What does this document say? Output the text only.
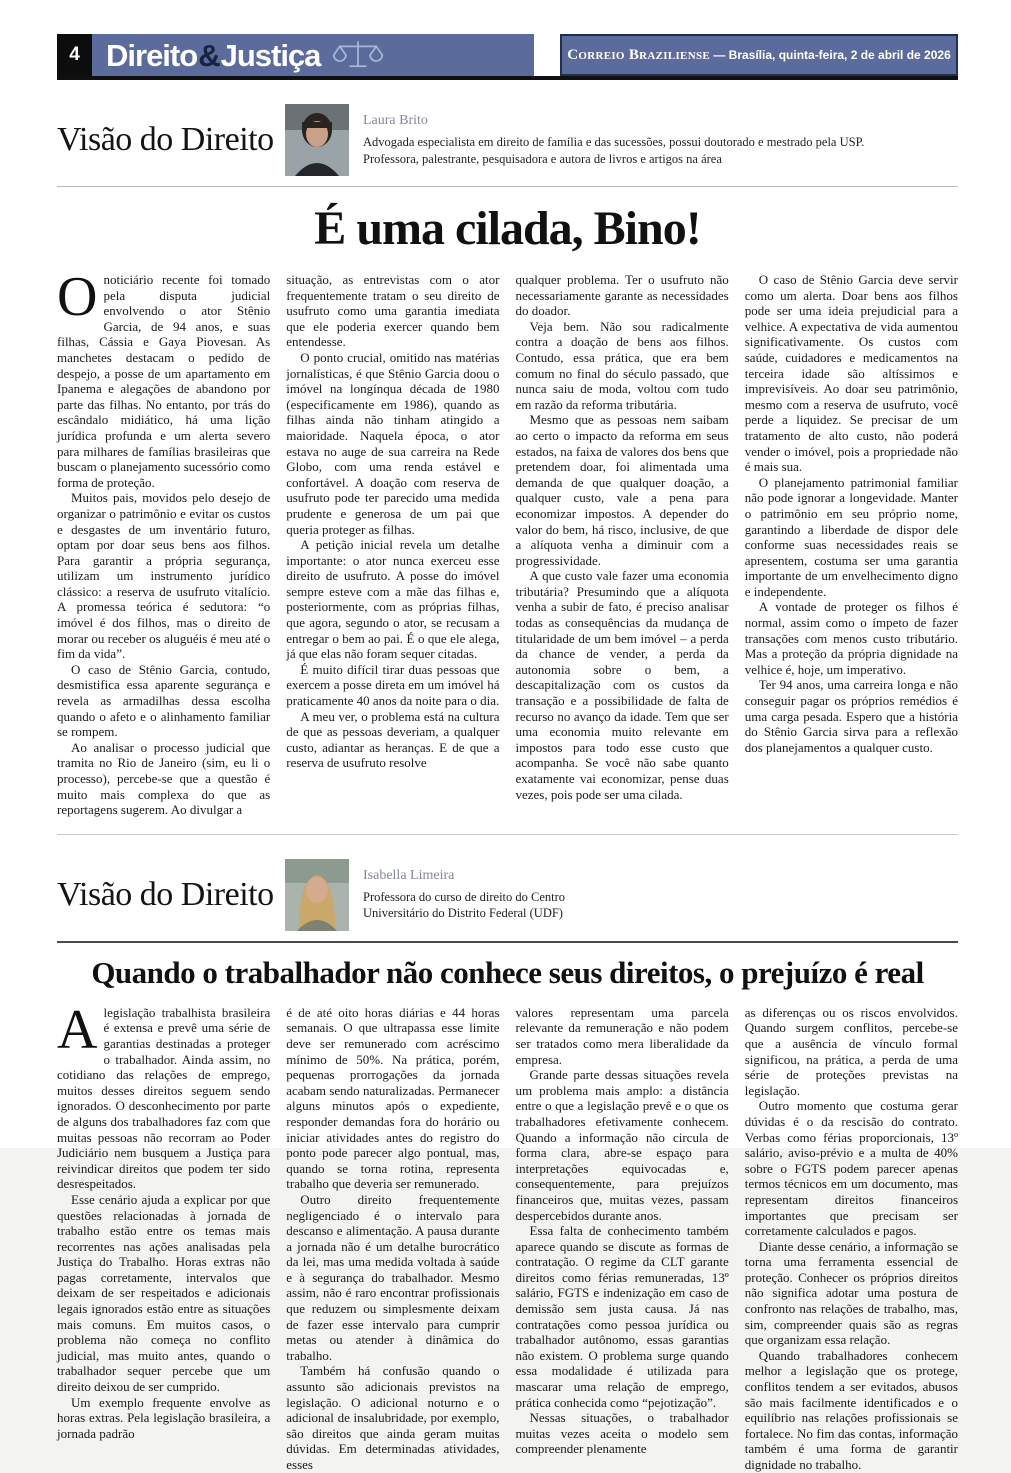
4 Direito & Justiça	Correio Braziliense — Brasília, quinta-feira, 2 de abril de 2026
Visão do Direito
Laura Brito
Advogada especialista em direito de família e das sucessões, possui doutorado e mestrado pela USP. Professora, palestrante, pesquisadora e autora de livros e artigos na área
É uma cilada, Bino!

Onoticiário recente foi tomado pela disputa judicial envolvendo o ator Stênio Garcia, de 94 anos, e suas filhas, Cássia e Gaya Piovesan. As manchetes destacam o pedido de despejo, a posse de um apartamento em Ipanema e alegações de abandono por parte das filhas. No entanto, por trás do escândalo midiático, há uma lição jurídica profunda e um alerta severo para milhares de famílias brasileiras que buscam o planejamento sucessório como forma de proteção.

Muitos pais, movidos pelo desejo de organizar o patrimônio e evitar os custos e desgastes de um inventário futuro, optam por doar seus bens aos filhos. Para garantir a própria segurança, utilizam um instrumento jurídico clássico: a reserva de usufruto vitalício. A promessa teórica é sedutora: “o imóvel é dos filhos, mas o direito de morar ou receber os aluguéis é meu até o fim da vida”.

O caso de Stênio Garcia, contudo, desmistifica essa aparente segurança e revela as armadilhas dessa escolha quando o afeto e o alinhamento familiar se rompem.

Ao analisar o processo judicial que tramita no Rio de Janeiro (sim, eu li o processo), percebe-se que a questão é muito mais complexa do que as reportagens sugerem. Ao divulgar a

situação, as entrevistas com o ator frequentemente tratam o seu direito de usufruto como uma garantia imediata que ele poderia exercer quando bem entendesse.

O ponto crucial, omitido nas matérias jornalísticas, é que Stênio Garcia doou o imóvel na longínqua década de 1980 (especificamente em 1986), quando as filhas ainda não tinham atingido a maioridade. Naquela época, o ator estava no auge de sua carreira na Rede Globo, com uma renda estável e confortável. A doação com reserva de usufruto pode ter parecido uma medida prudente e generosa de um pai que queria proteger as filhas.

A petição inicial revela um detalhe importante: o ator nunca exerceu esse direito de usufruto. A posse do imóvel sempre esteve com a mãe das filhas e, posteriormente, com as próprias filhas, que agora, segundo o ator, se recusam a entregar o bem ao pai. É o que ele alega, já que elas não foram sequer citadas.

É muito difícil tirar duas pessoas que exercem a posse direta em um imóvel há praticamente 40 anos da noite para o dia.

A meu ver, o problema está na cultura de que as pessoas deveriam, a qualquer custo, adiantar as heranças. E de que a reserva de usufruto resolve

qualquer problema. Ter o usufruto não necessariamente garante as necessidades do doador.

Veja bem. Não sou radicalmente contra a doação de bens aos filhos. Contudo, essa prática, que era bem comum no final do século passado, que nunca saiu de moda, voltou com tudo em razão da reforma tributária.

Mesmo que as pessoas nem saibam ao certo o impacto da reforma em seus estados, na faixa de valores dos bens que pretendem doar, foi alimentada uma demanda de que qualquer doação, a qualquer custo, vale a pena para economizar impostos. A depender do valor do bem, há risco, inclusive, de que a alíquota venha a diminuir com a progressividade.

A que custo vale fazer uma economia tributária? Presumindo que a alíquota venha a subir de fato, é preciso analisar todas as consequências da mudança de titularidade de um bem imóvel – a perda da chance de vender, a perda da autonomia sobre o bem, a descapitalização com os custos da transação e a possibilidade de falta de recurso no avanço da idade. Tem que ser uma economia muito relevante em impostos para todo esse custo que acompanha. Se você não sabe quanto exatamente vai economizar, pense duas vezes, pois pode ser uma cilada.

O caso de Stênio Garcia deve servir como um alerta. Doar bens aos filhos pode ser uma ideia prejudicial para a velhice. A expectativa de vida aumentou significativamente. Os custos com saúde, cuidadores e medicamentos na terceira idade são altíssimos e imprevisíveis. Ao doar seu patrimônio, mesmo com a reserva de usufruto, você perde a liquidez. Se precisar de um tratamento de alto custo, não poderá vender o imóvel, pois a propriedade não é mais sua.

O planejamento patrimonial familiar não pode ignorar a longevidade. Manter o patrimônio em seu próprio nome, garantindo a liberdade de dispor dele conforme suas necessidades reais se apresentem, costuma ser uma garantia importante de um envelhecimento digno e independente.

A vontade de proteger os filhos é normal, assim como o ímpeto de fazer transações com menos custo tributário. Mas a proteção da própria dignidade na velhice é, hoje, um imperativo.

Ter 94 anos, uma carreira longa e não conseguir pagar os próprios remédios é uma carga pesada. Espero que a história do Stênio Garcia sirva para a reflexão dos planejamentos a qualquer custo.

Visão do Direito
Isabella Limeira
Professora do curso de direito do Centro Universitário do Distrito Federal (UDF)
Quando o trabalhador não conhece seus direitos, o prejuízo é real

Alegislação trabalhista brasileira é extensa e prevê uma série de garantias destinadas a proteger o trabalhador. Ainda assim, no cotidiano das relações de emprego, muitos desses direitos seguem sendo ignorados. O desconhecimento por parte de alguns dos trabalhadores faz com que muitas pessoas não recorram ao Poder Judiciário nem busquem a Justiça para reivindicar direitos que podem ter sido desrespeitados.

Esse cenário ajuda a explicar por que questões relacionadas à jornada de trabalho estão entre os temas mais recorrentes nas ações analisadas pela Justiça do Trabalho. Horas extras não pagas corretamente, intervalos que deixam de ser respeitados e adicionais legais ignorados estão entre as situações mais comuns. Em muitos casos, o problema não começa no conflito judicial, mas muito antes, quando o trabalhador sequer percebe que um direito deixou de ser cumprido.

Um exemplo frequente envolve as horas extras. Pela legislação brasileira, a jornada padrão

é de até oito horas diárias e 44 horas semanais. O que ultrapassa esse limite deve ser remunerado com acréscimo mínimo de 50%. Na prática, porém, pequenas prorrogações da jornada acabam sendo naturalizadas. Permanecer alguns minutos após o expediente, responder demandas fora do horário ou iniciar atividades antes do registro do ponto pode parecer algo pontual, mas, quando se torna rotina, representa trabalho que deveria ser remunerado.

Outro direito frequentemente negligenciado é o intervalo para descanso e alimentação. A pausa durante a jornada não é um detalhe burocrático da lei, mas uma medida voltada à saúde e à segurança do trabalhador. Mesmo assim, não é raro encontrar profissionais que reduzem ou simplesmente deixam de fazer esse intervalo para cumprir metas ou atender à dinâmica do trabalho.

Também há confusão quando o assunto são adicionais previstos na legislação. O adicional noturno e o adicional de insalubridade, por exemplo, são direitos que ainda geram muitas dúvidas. Em determinadas atividades, esses

valores representam uma parcela relevante da remuneração e não podem ser tratados como mera liberalidade da empresa.

Grande parte dessas situações revela um problema mais amplo: a distância entre o que a legislação prevê e o que os trabalhadores efetivamente conhecem. Quando a informação não circula de forma clara, abre-se espaço para interpretações equivocadas e, consequentemente, para prejuízos financeiros que, muitas vezes, passam despercebidos durante anos.

Essa falta de conhecimento também aparece quando se discute as formas de contratação. O regime da CLT garante direitos como férias remuneradas, 13º salário, FGTS e indenização em caso de demissão sem justa causa. Já nas contratações como pessoa jurídica ou trabalhador autônomo, essas garantias não existem. O problema surge quando essa modalidade é utilizada para mascarar uma relação de emprego, prática conhecida como “pejotização”.

Nessas situações, o trabalhador muitas vezes aceita o modelo sem compreender plenamente

as diferenças ou os riscos envolvidos. Quando surgem conflitos, percebe-se que a ausência de vínculo formal significou, na prática, a perda de uma série de proteções previstas na legislação.

Outro momento que costuma gerar dúvidas é o da rescisão do contrato. Verbas como férias proporcionais, 13º salário, aviso-prévio e a multa de 40% sobre o FGTS podem parecer apenas termos técnicos em um documento, mas representam direitos financeiros importantes que precisam ser corretamente calculados e pagos.

Diante desse cenário, a informação se torna uma ferramenta essencial de proteção. Conhecer os próprios direitos não significa adotar uma postura de confronto nas relações de trabalho, mas, sim, compreender quais são as regras que organizam essa relação.

Quando trabalhadores conhecem melhor a legislação que os protege, conflitos tendem a ser evitados, abusos são mais facilmente identificados e o equilíbrio nas relações profissionais se fortalece. No fim das contas, informação também é uma forma de garantir dignidade no trabalho.
